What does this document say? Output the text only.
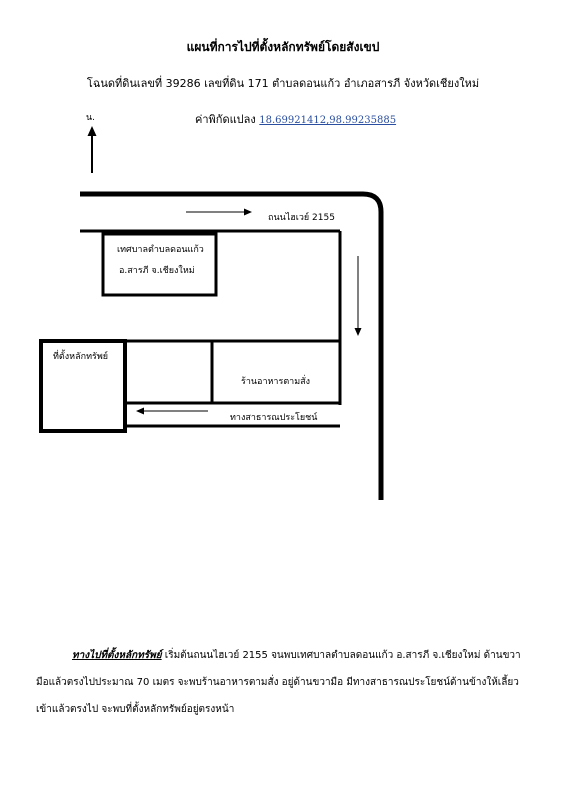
แผนที่การไปที่ตั้งหลักทรัพย์โดยสังเขป
โฉนดที่ดินเลขที่ 39286 เลขที่ดิน 171 ตำบลดอนแก้ว อำเภอสารภี จังหวัดเชียงใหม่
ค่าพิกัดแปลง 18.69921412,98.99235885
น.
ถนนไฮเวย์ 2155
เทศบาลตำบลดอนแก้ว
อ.สารภี จ.เชียงใหม่
ที่ตั้งหลักทรัพย์
ร้านอาหารตามสั่ง
ทางสาธารณประโยชน์
ทางไปที่ตั้งหลักทรัพย์ เริ่มต้นถนนไฮเวย์ 2155 จนพบเทศบาลตำบลดอนแก้ว อ.สารภี จ.เชียงใหม่ ด้านขวามือแล้วตรงไปประมาณ 70 เมตร จะพบร้านอาหารตามสั่ง อยู่ด้านขวามือ มีทางสาธารณประโยชน์ด้านข้างให้เลี้ยวเข้าแล้วตรงไป จะพบที่ตั้งหลักทรัพย์อยู่ตรงหน้า
